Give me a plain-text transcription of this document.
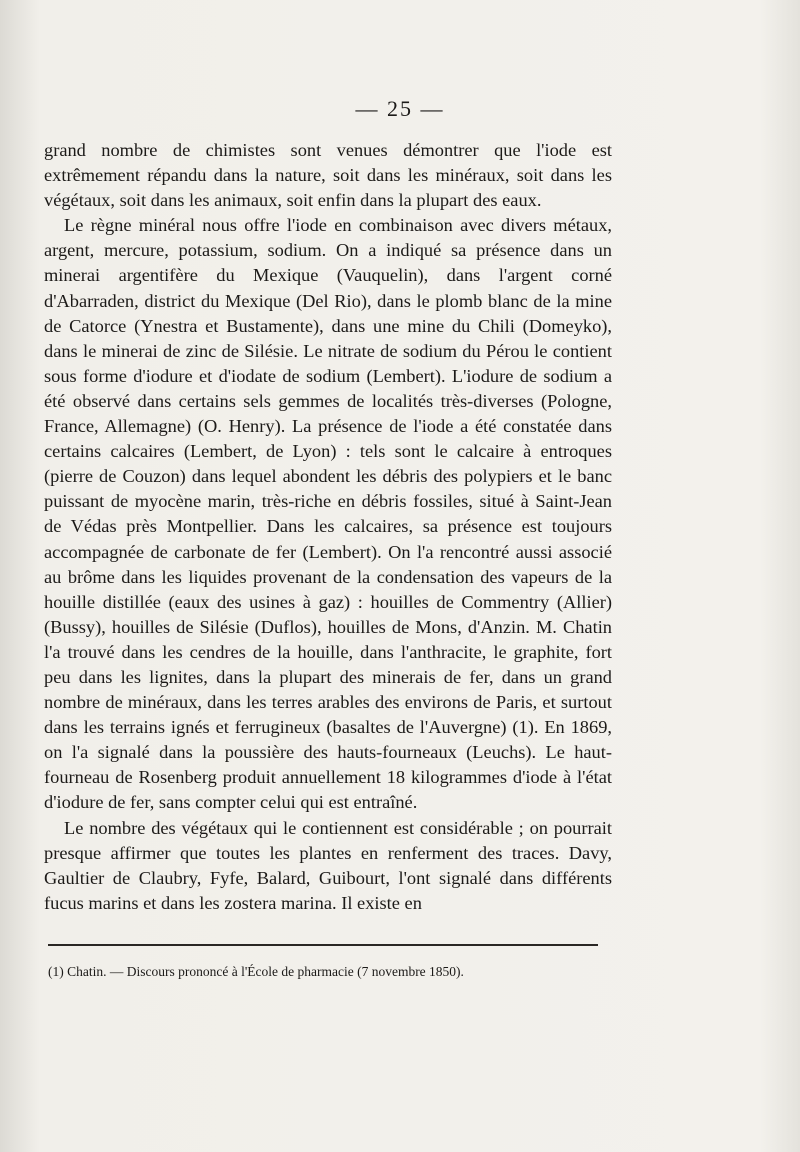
— 25 —

grand nombre de chimistes sont venues démontrer que l'iode est extrêmement répandu dans la nature, soit dans les minéraux, soit dans les végétaux, soit dans les animaux, soit enfin dans la plupart des eaux.

Le règne minéral nous offre l'iode en combinaison avec divers métaux, argent, mercure, potassium, sodium. On a indiqué sa présence dans un minerai argentifère du Mexique (Vauquelin), dans l'argent corné d'Abarraden, district du Mexique (Del Rio), dans le plomb blanc de la mine de Catorce (Ynestra et Bustamente), dans une mine du Chili (Domeyko), dans le minerai de zinc de Silésie. Le nitrate de sodium du Pérou le contient sous forme d'iodure et d'iodate de sodium (Lembert). L'iodure de sodium a été observé dans certains sels gemmes de localités très-diverses (Pologne, France, Allemagne) (O. Henry). La présence de l'iode a été constatée dans certains calcaires (Lembert, de Lyon) : tels sont le calcaire à entroques (pierre de Couzon) dans lequel abondent les débris des polypiers et le banc puissant de myocène marin, très-riche en débris fossiles, situé à Saint-Jean de Védas près Montpellier. Dans les calcaires, sa présence est toujours accompagnée de carbonate de fer (Lembert). On l'a rencontré aussi associé au brôme dans les liquides provenant de la condensation des vapeurs de la houille distillée (eaux des usines à gaz) : houilles de Commentry (Allier) (Bussy), houilles de Silésie (Duflos), houilles de Mons, d'Anzin. M. Chatin l'a trouvé dans les cendres de la houille, dans l'anthracite, le graphite, fort peu dans les lignites, dans la plupart des minerais de fer, dans un grand nombre de minéraux, dans les terres arables des environs de Paris, et surtout dans les terrains ignés et ferrugineux (basaltes de l'Auvergne) (1). En 1869, on l'a signalé dans la poussière des hauts-fourneaux (Leuchs). Le haut-fourneau de Rosenberg produit annuellement 18 kilogrammes d'iode à l'état d'iodure de fer, sans compter celui qui est entraîné.

Le nombre des végétaux qui le contiennent est considérable ; on pourrait presque affirmer que toutes les plantes en renferment des traces. Davy, Gaultier de Claubry, Fyfe, Balard, Guibourt, l'ont signalé dans différents fucus marins et dans les zostera marina. Il existe en

(1) Chatin. — Discours prononcé à l'École de pharmacie (7 novembre 1850).
